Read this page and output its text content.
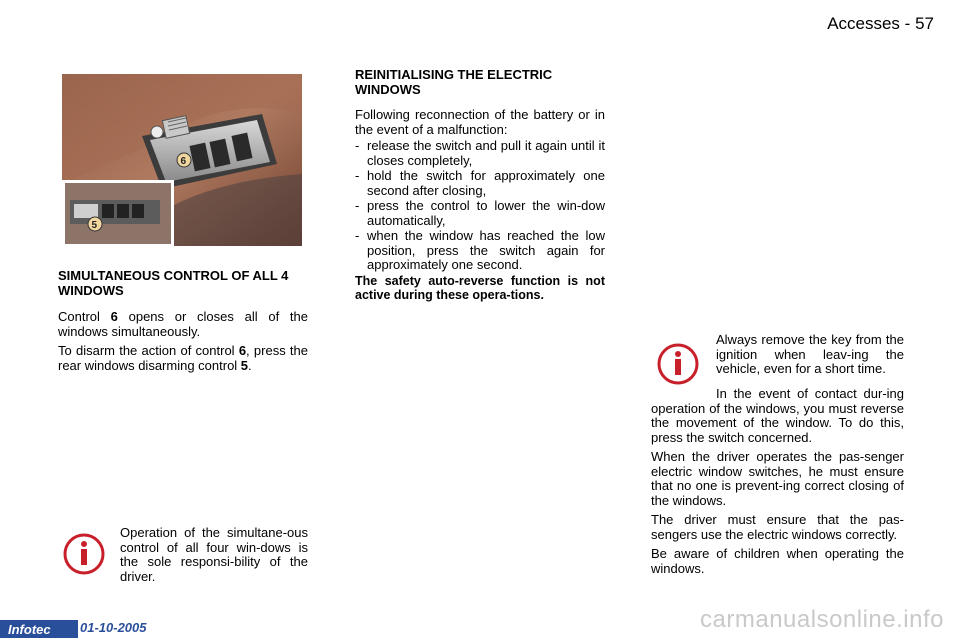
Accesses - 57
6
5
SIMULTANEOUS CONTROL OF ALL 4 WINDOWS

Control 6 opens or closes all of the windows simultaneously.

To disarm the action of control 6, press the rear windows disarming control 5.

Operation of the simultane-ous control of all four win-dows is the sole responsi-bility of the driver.
REINITIALISING THE ELECTRIC WINDOWS
Following reconnection of the battery or in the event of a malfunction:
- release the switch and pull it again until it closes completely,
- hold the switch for approximately one second after closing,
- press the control to lower the win-dow automatically,
- when the window has reached the low position, press the switch again for approximately one second.
The safety auto-reverse function is not active during these opera-tions.
Always remove the key from the ignition when leav-ing the vehicle, even for a short time.

In the event of contact dur-ing operation of the windows, you must reverse the movement of the window. To do this, press the switch concerned.

When the driver operates the pas-senger electric window switches, he must ensure that no one is prevent-ing correct closing of the windows.

The driver must ensure that the pas-sengers use the electric windows correctly.

Be aware of children when operating the windows.

Infotec 01-10-2005	carmanualsonline.info
